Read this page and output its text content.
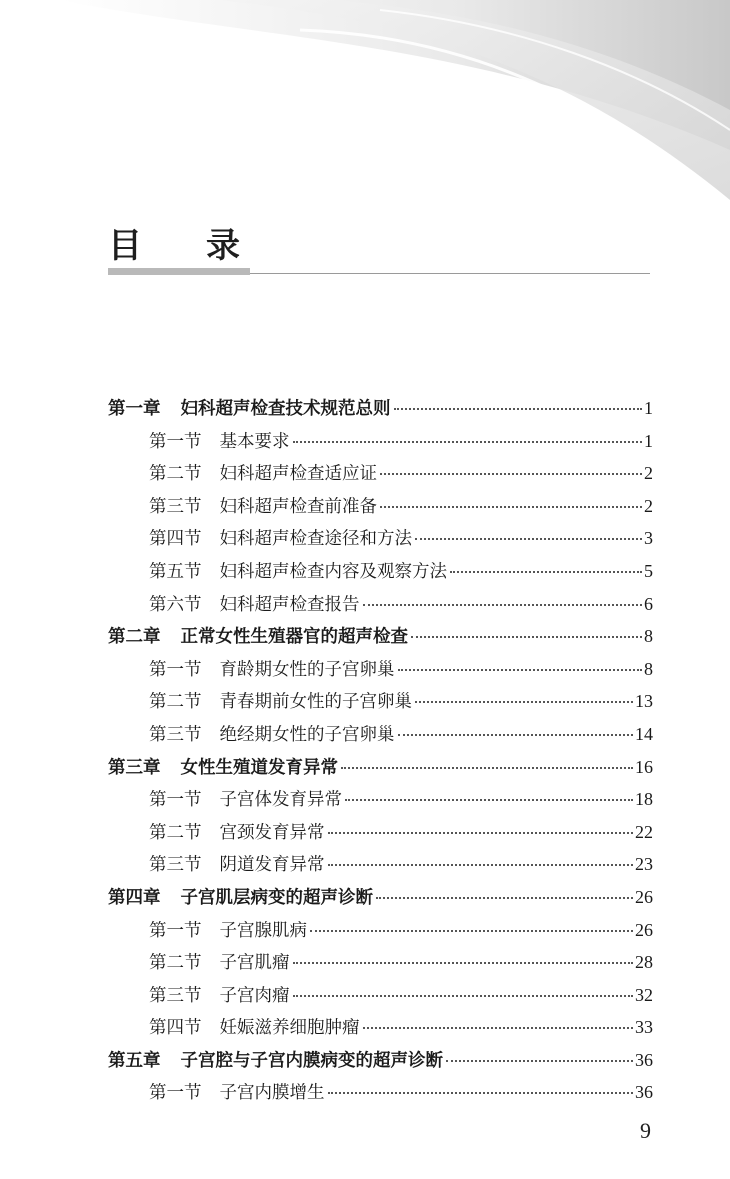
目 录
第一章 妇科超声检查技术规范总则	1
第一节 基本要求	1
第二节 妇科超声检查适应证	2
第三节 妇科超声检查前准备	2
第四节 妇科超声检查途径和方法	3
第五节 妇科超声检查内容及观察方法	5
第六节 妇科超声检查报告	6
第二章 正常女性生殖器官的超声检查	8
第一节 育龄期女性的子宫卵巢	8
第二节 青春期前女性的子宫卵巢	13
第三节 绝经期女性的子宫卵巢	14
第三章 女性生殖道发育异常	16
第一节 子宫体发育异常	18
第二节 宫颈发育异常	22
第三节 阴道发育异常	23
第四章 子宫肌层病变的超声诊断	26
第一节 子宫腺肌病	26
第二节 子宫肌瘤	28
第三节 子宫肉瘤	32
第四节 妊娠滋养细胞肿瘤	33
第五章 子宫腔与子宫内膜病变的超声诊断	36
第一节 子宫内膜增生	36
9
